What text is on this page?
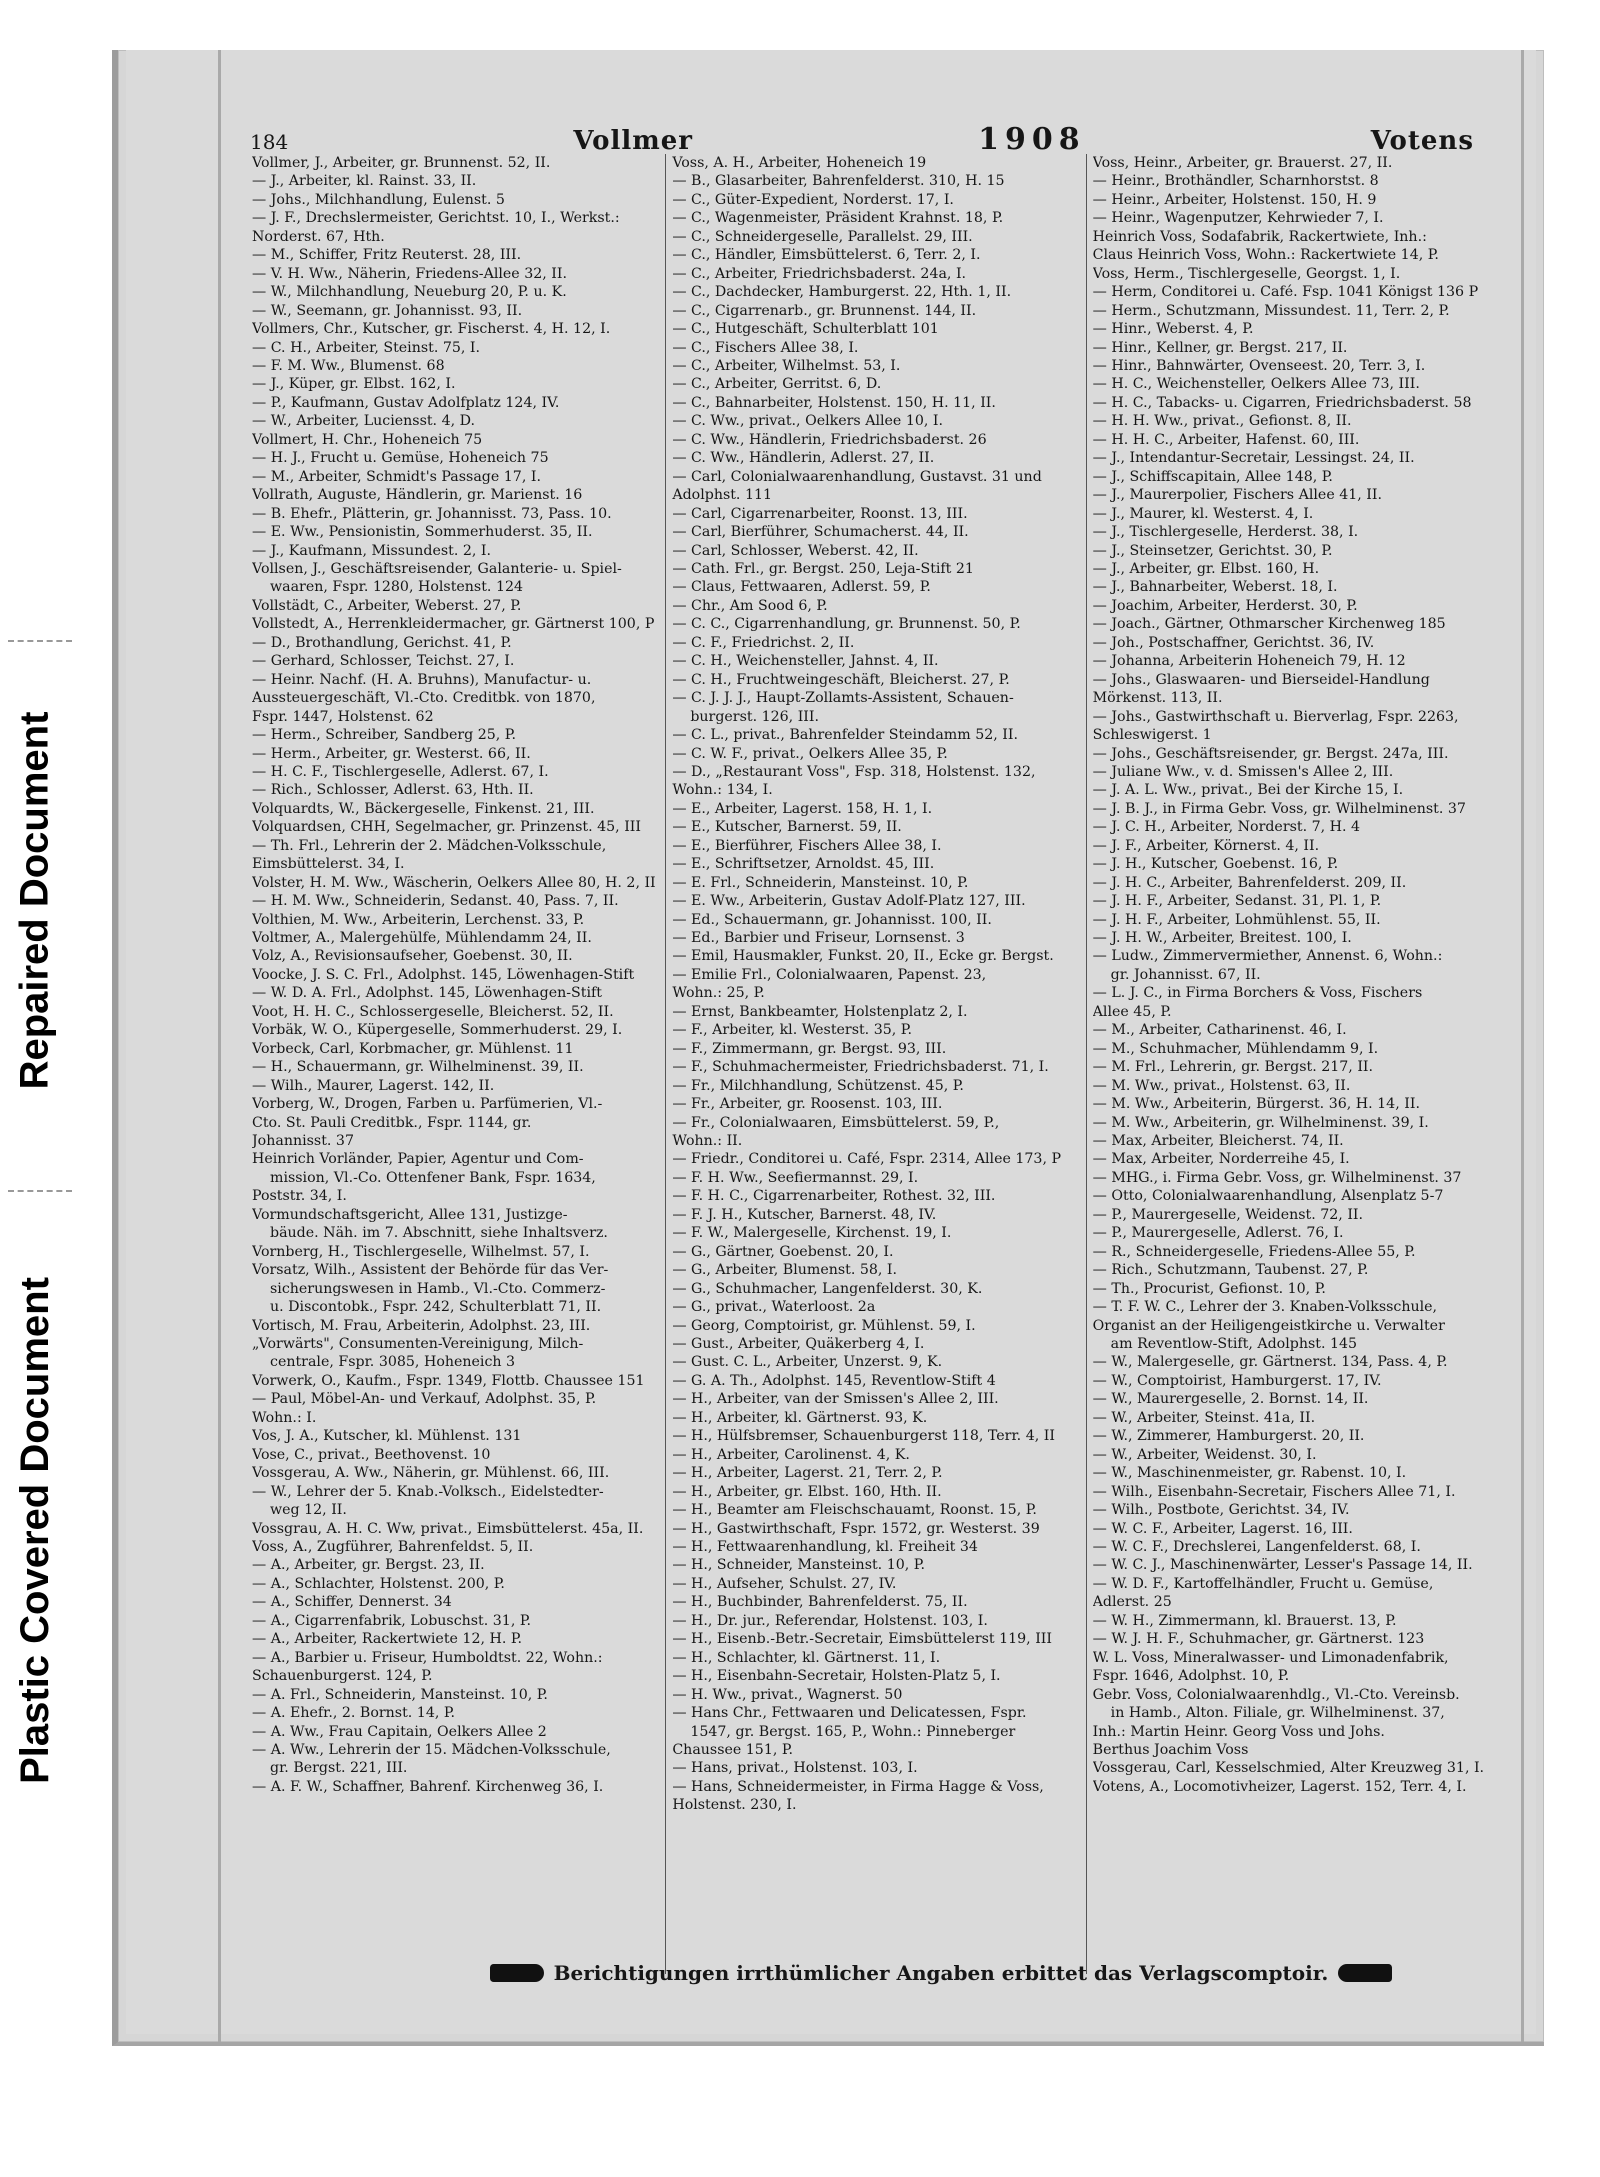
Repaired Document
Plastic Covered Document
184	Vollmer	1908	Votens
Vollmer, J., Arbeiter, gr. Brunnenst. 52, II.
— J., Arbeiter, kl. Rainst. 33, II.
— Johs., Milchhandlung, Eulenst. 5
— J. F., Drechslermeister, Gerichtst. 10, I., Werkst.:
Norderst. 67, Hth.
— M., Schiffer, Fritz Reuterst. 28, III.
— V. H. Ww., Näherin, Friedens-Allee 32, II.
— W., Milchhandlung, Neueburg 20, P. u. K.
— W., Seemann, gr. Johannisst. 93, II.
Vollmers, Chr., Kutscher, gr. Fischerst. 4, H. 12, I.
— C. H., Arbeiter, Steinst. 75, I.
— F. M. Ww., Blumenst. 68
— J., Küper, gr. Elbst. 162, I.
— P., Kaufmann, Gustav Adolfplatz 124, IV.
— W., Arbeiter, Luciensst. 4, D.
Vollmert, H. Chr., Hoheneich 75
— H. J., Frucht u. Gemüse, Hoheneich 75
— M., Arbeiter, Schmidt's Passage 17, I.
Vollrath, Auguste, Händlerin, gr. Marienst. 16
— B. Ehefr., Plätterin, gr. Johannisst. 73, Pass. 10.
— E. Ww., Pensionistin, Sommerhuderst. 35, II.
— J., Kaufmann, Missundest. 2, I.
Vollsen, J., Geschäftsreisender, Galanterie- u. Spiel-
waaren, Fspr. 1280, Holstenst. 124
Vollstädt, C., Arbeiter, Weberst. 27, P.
Vollstedt, A., Herrenkleidermacher, gr. Gärtnerst 100, P
— D., Brothandlung, Gerichst. 41, P.
— Gerhard, Schlosser, Teichst. 27, I.
— Heinr. Nachf. (H. A. Bruhns), Manufactur- u.
Aussteuergeschäft, Vl.-Cto. Creditbk. von 1870,
Fspr. 1447, Holstenst. 62
— Herm., Schreiber, Sandberg 25, P.
— Herm., Arbeiter, gr. Westerst. 66, II.
— H. C. F., Tischlergeselle, Adlerst. 67, I.
— Rich., Schlosser, Adlerst. 63, Hth. II.
Volquardts, W., Bäckergeselle, Finkenst. 21, III.
Volquardsen, CHH, Segelmacher, gr. Prinzenst. 45, III
— Th. Frl., Lehrerin der 2. Mädchen-Volksschule,
Eimsbüttelerst. 34, I.
Volster, H. M. Ww., Wäscherin, Oelkers Allee 80, H. 2, II
— H. M. Ww., Schneiderin, Sedanst. 40, Pass. 7, II.
Volthien, M. Ww., Arbeiterin, Lerchenst. 33, P.
Voltmer, A., Malergehülfe, Mühlendamm 24, II.
Volz, A., Revisionsaufseher, Goebenst. 30, II.
Voocke, J. S. C. Frl., Adolphst. 145, Löwenhagen-Stift
— W. D. A. Frl., Adolphst. 145, Löwenhagen-Stift
Voot, H. H. C., Schlossergeselle, Bleicherst. 52, II.
Vorbäk, W. O., Küpergeselle, Sommerhuderst. 29, I.
Vorbeck, Carl, Korbmacher, gr. Mühlenst. 11
— H., Schauermann, gr. Wilhelminenst. 39, II.
— Wilh., Maurer, Lagerst. 142, II.
Vorberg, W., Drogen, Farben u. Parfümerien, Vl.-
Cto. St. Pauli Creditbk., Fspr. 1144, gr.
Johannisst. 37
Heinrich Vorländer, Papier, Agentur und Com-
mission, Vl.-Co. Ottenfener Bank, Fspr. 1634,
Poststr. 34, I.
Vormundschaftsgericht, Allee 131, Justizge-
bäude. Näh. im 7. Abschnitt, siehe Inhaltsverz.
Vornberg, H., Tischlergeselle, Wilhelmst. 57, I.
Vorsatz, Wilh., Assistent der Behörde für das Ver-
sicherungswesen in Hamb., Vl.-Cto. Commerz-
u. Discontobk., Fspr. 242, Schulterblatt 71, II.
Vortisch, M. Frau, Arbeiterin, Adolphst. 23, III.
„Vorwärts", Consumenten-Vereinigung, Milch-
centrale, Fspr. 3085, Hoheneich 3
Vorwerk, O., Kaufm., Fspr. 1349, Flottb. Chaussee 151
— Paul, Möbel-An- und Verkauf, Adolphst. 35, P.
Wohn.: I.
Vos, J. A., Kutscher, kl. Mühlenst. 131
Vose, C., privat., Beethovenst. 10
Vossgerau, A. Ww., Näherin, gr. Mühlenst. 66, III.
— W., Lehrer der 5. Knab.-Volksch., Eidelstedter-
weg 12, II.
Vossgrau, A. H. C. Ww, privat., Eimsbüttelerst. 45a, II.
Voss, A., Zugführer, Bahrenfeldst. 5, II.
— A., Arbeiter, gr. Bergst. 23, II.
— A., Schlachter, Holstenst. 200, P.
— A., Schiffer, Dennerst. 34
— A., Cigarrenfabrik, Lobuschst. 31, P.
— A., Arbeiter, Rackertwiete 12, H. P.
— A., Barbier u. Friseur, Humboldtst. 22, Wohn.:
Schauenburgerst. 124, P.
— A. Frl., Schneiderin, Mansteinst. 10, P.
— A. Ehefr., 2. Bornst. 14, P.
— A. Ww., Frau Capitain, Oelkers Allee 2
— A. Ww., Lehrerin der 15. Mädchen-Volksschule,
gr. Bergst. 221, III.
— A. F. W., Schaffner, Bahrenf. Kirchenweg 36, I.
Voss, A. H., Arbeiter, Hoheneich 19
— B., Glasarbeiter, Bahrenfelderst. 310, H. 15
— C., Güter-Expedient, Norderst. 17, I.
— C., Wagenmeister, Präsident Krahnst. 18, P.
— C., Schneidergeselle, Parallelst. 29, III.
— C., Händler, Eimsbüttelerst. 6, Terr. 2, I.
— C., Arbeiter, Friedrichsbaderst. 24a, I.
— C., Dachdecker, Hamburgerst. 22, Hth. 1, II.
— C., Cigarrenarb., gr. Brunnenst. 144, II.
— C., Hutgeschäft, Schulterblatt 101
— C., Fischers Allee 38, I.
— C., Arbeiter, Wilhelmst. 53, I.
— C., Arbeiter, Gerritst. 6, D.
— C., Bahnarbeiter, Holstenst. 150, H. 11, II.
— C. Ww., privat., Oelkers Allee 10, I.
— C. Ww., Händlerin, Friedrichsbaderst. 26
— C. Ww., Händlerin, Adlerst. 27, II.
— Carl, Colonialwaarenhandlung, Gustavst. 31 und
Adolphst. 111
— Carl, Cigarrenarbeiter, Roonst. 13, III.
— Carl, Bierführer, Schumacherst. 44, II.
— Carl, Schlosser, Weberst. 42, II.
— Cath. Frl., gr. Bergst. 250, Leja-Stift 21
— Claus, Fettwaaren, Adlerst. 59, P.
— Chr., Am Sood 6, P.
— C. C., Cigarrenhandlung, gr. Brunnenst. 50, P.
— C. F., Friedrichst. 2, II.
— C. H., Weichensteller, Jahnst. 4, II.
— C. H., Fruchtweingeschäft, Bleicherst. 27, P.
— C. J. J. J., Haupt-Zollamts-Assistent, Schauen-
burgerst. 126, III.
— C. L., privat., Bahrenfelder Steindamm 52, II.
— C. W. F., privat., Oelkers Allee 35, P.
— D., „Restaurant Voss", Fsp. 318, Holstenst. 132,
Wohn.: 134, I.
— E., Arbeiter, Lagerst. 158, H. 1, I.
— E., Kutscher, Barnerst. 59, II.
— E., Bierführer, Fischers Allee 38, I.
— E., Schriftsetzer, Arnoldst. 45, III.
— E. Frl., Schneiderin, Mansteinst. 10, P.
— E. Ww., Arbeiterin, Gustav Adolf-Platz 127, III.
— Ed., Schauermann, gr. Johannisst. 100, II.
— Ed., Barbier und Friseur, Lornsenst. 3
— Emil, Hausmakler, Funkst. 20, II., Ecke gr. Bergst.
— Emilie Frl., Colonialwaaren, Papenst. 23,
Wohn.: 25, P.
— Ernst, Bankbeamter, Holstenplatz 2, I.
— F., Arbeiter, kl. Westerst. 35, P.
— F., Zimmermann, gr. Bergst. 93, III.
— F., Schuhmachermeister, Friedrichsbaderst. 71, I.
— Fr., Milchhandlung, Schützenst. 45, P.
— Fr., Arbeiter, gr. Roosenst. 103, III.
— Fr., Colonialwaaren, Eimsbüttelerst. 59, P.,
Wohn.: II.
— Friedr., Conditorei u. Café, Fspr. 2314, Allee 173, P
— F. H. Ww., Seefiermannst. 29, I.
— F. H. C., Cigarrenarbeiter, Rothest. 32, III.
— F. J. H., Kutscher, Barnerst. 48, IV.
— F. W., Malergeselle, Kirchenst. 19, I.
— G., Gärtner, Goebenst. 20, I.
— G., Arbeiter, Blumenst. 58, I.
— G., Schuhmacher, Langenfelderst. 30, K.
— G., privat., Waterloost. 2a
— Georg, Comptoirist, gr. Mühlenst. 59, I.
— Gust., Arbeiter, Quäkerberg 4, I.
— Gust. C. L., Arbeiter, Unzerst. 9, K.
— G. A. Th., Adolphst. 145, Reventlow-Stift 4
— H., Arbeiter, van der Smissen's Allee 2, III.
— H., Arbeiter, kl. Gärtnerst. 93, K.
— H., Hülfsbremser, Schauenburgerst 118, Terr. 4, II
— H., Arbeiter, Carolinenst. 4, K.
— H., Arbeiter, Lagerst. 21, Terr. 2, P.
— H., Arbeiter, gr. Elbst. 160, Hth. II.
— H., Beamter am Fleischschauamt, Roonst. 15, P.
— H., Gastwirthschaft, Fspr. 1572, gr. Westerst. 39
— H., Fettwaarenhandlung, kl. Freiheit 34
— H., Schneider, Mansteinst. 10, P.
— H., Aufseher, Schulst. 27, IV.
— H., Buchbinder, Bahrenfelderst. 75, II.
— H., Dr. jur., Referendar, Holstenst. 103, I.
— H., Eisenb.-Betr.-Secretair, Eimsbüttelerst 119, III
— H., Schlachter, kl. Gärtnerst. 11, I.
— H., Eisenbahn-Secretair, Holsten-Platz 5, I.
— H. Ww., privat., Wagnerst. 50
— Hans Chr., Fettwaaren und Delicatessen, Fspr.
1547, gr. Bergst. 165, P., Wohn.: Pinneberger
Chaussee 151, P.
— Hans, privat., Holstenst. 103, I.
— Hans, Schneidermeister, in Firma Hagge & Voss,
Holstenst. 230, I.
Voss, Heinr., Arbeiter, gr. Brauerst. 27, II.
— Heinr., Brothändler, Scharnhorstst. 8
— Heinr., Arbeiter, Holstenst. 150, H. 9
— Heinr., Wagenputzer, Kehrwieder 7, I.
Heinrich Voss, Sodafabrik, Rackertwiete, Inh.:
Claus Heinrich Voss, Wohn.: Rackertwiete 14, P.
Voss, Herm., Tischlergeselle, Georgst. 1, I.
— Herm, Conditorei u. Café. Fsp. 1041 Königst 136 P
— Herm., Schutzmann, Missundest. 11, Terr. 2, P.
— Hinr., Weberst. 4, P.
— Hinr., Kellner, gr. Bergst. 217, II.
— Hinr., Bahnwärter, Ovenseest. 20, Terr. 3, I.
— H. C., Weichensteller, Oelkers Allee 73, III.
— H. C., Tabacks- u. Cigarren, Friedrichsbaderst. 58
— H. H. Ww., privat., Gefionst. 8, II.
— H. H. C., Arbeiter, Hafenst. 60, III.
— J., Intendantur-Secretair, Lessingst. 24, II.
— J., Schiffscapitain, Allee 148, P.
— J., Maurerpolier, Fischers Allee 41, II.
— J., Maurer, kl. Westerst. 4, I.
— J., Tischlergeselle, Herderst. 38, I.
— J., Steinsetzer, Gerichtst. 30, P.
— J., Arbeiter, gr. Elbst. 160, H.
— J., Bahnarbeiter, Weberst. 18, I.
— Joachim, Arbeiter, Herderst. 30, P.
— Joach., Gärtner, Othmarscher Kirchenweg 185
— Joh., Postschaffner, Gerichtst. 36, IV.
— Johanna, Arbeiterin Hoheneich 79, H. 12
— Johs., Glaswaaren- und Bierseidel-Handlung
Mörkenst. 113, II.
— Johs., Gastwirthschaft u. Bierverlag, Fspr. 2263,
Schleswigerst. 1
— Johs., Geschäftsreisender, gr. Bergst. 247a, III.
— Juliane Ww., v. d. Smissen's Allee 2, III.
— J. A. L. Ww., privat., Bei der Kirche 15, I.
— J. B. J., in Firma Gebr. Voss, gr. Wilhelminenst. 37
— J. C. H., Arbeiter, Norderst. 7, H. 4
— J. F., Arbeiter, Körnerst. 4, II.
— J. H., Kutscher, Goebenst. 16, P.
— J. H. C., Arbeiter, Bahrenfelderst. 209, II.
— J. H. F., Arbeiter, Sedanst. 31, Pl. 1, P.
— J. H. F., Arbeiter, Lohmühlenst. 55, II.
— J. H. W., Arbeiter, Breitest. 100, I.
— Ludw., Zimmervermiether, Annenst. 6, Wohn.:
gr. Johannisst. 67, II.
— L. J. C., in Firma Borchers & Voss, Fischers
Allee 45, P.
— M., Arbeiter, Catharinenst. 46, I.
— M., Schuhmacher, Mühlendamm 9, I.
— M. Frl., Lehrerin, gr. Bergst. 217, II.
— M. Ww., privat., Holstenst. 63, II.
— M. Ww., Arbeiterin, Bürgerst. 36, H. 14, II.
— M. Ww., Arbeiterin, gr. Wilhelminenst. 39, I.
— Max, Arbeiter, Bleicherst. 74, II.
— Max, Arbeiter, Norderreihe 45, I.
— MHG., i. Firma Gebr. Voss, gr. Wilhelminenst. 37
— Otto, Colonialwaarenhandlung, Alsenplatz 5-7
— P., Maurergeselle, Weidenst. 72, II.
— P., Maurergeselle, Adlerst. 76, I.
— R., Schneidergeselle, Friedens-Allee 55, P.
— Rich., Schutzmann, Taubenst. 27, P.
— Th., Procurist, Gefionst. 10, P.
— T. F. W. C., Lehrer der 3. Knaben-Volksschule,
Organist an der Heiligengeistkirche u. Verwalter
am Reventlow-Stift, Adolphst. 145
— W., Malergeselle, gr. Gärtnerst. 134, Pass. 4, P.
— W., Comptoirist, Hamburgerst. 17, IV.
— W., Maurergeselle, 2. Bornst. 14, II.
— W., Arbeiter, Steinst. 41a, II.
— W., Zimmerer, Hamburgerst. 20, II.
— W., Arbeiter, Weidenst. 30, I.
— W., Maschinenmeister, gr. Rabenst. 10, I.
— Wilh., Eisenbahn-Secretair, Fischers Allee 71, I.
— Wilh., Postbote, Gerichtst. 34, IV.
— W. C. F., Arbeiter, Lagerst. 16, III.
— W. C. F., Drechslerei, Langenfelderst. 68, I.
— W. C. J., Maschinenwärter, Lesser's Passage 14, II.
— W. D. F., Kartoffelhändler, Frucht u. Gemüse,
Adlerst. 25
— W. H., Zimmermann, kl. Brauerst. 13, P.
— W. J. H. F., Schuhmacher, gr. Gärtnerst. 123
W. L. Voss, Mineralwasser- und Limonadenfabrik,
Fspr. 1646, Adolphst. 10, P.
Gebr. Voss, Colonialwaarenhdlg., Vl.-Cto. Vereinsb.
in Hamb., Alton. Filiale, gr. Wilhelminenst. 37,
Inh.: Martin Heinr. Georg Voss und Johs.
Berthus Joachim Voss
Vossgerau, Carl, Kesselschmied, Alter Kreuzweg 31, I.
Votens, A., Locomotivheizer, Lagerst. 152, Terr. 4, I.
Berichtigungen irrthümlicher Angaben erbittet das Verlagscomptoir.
